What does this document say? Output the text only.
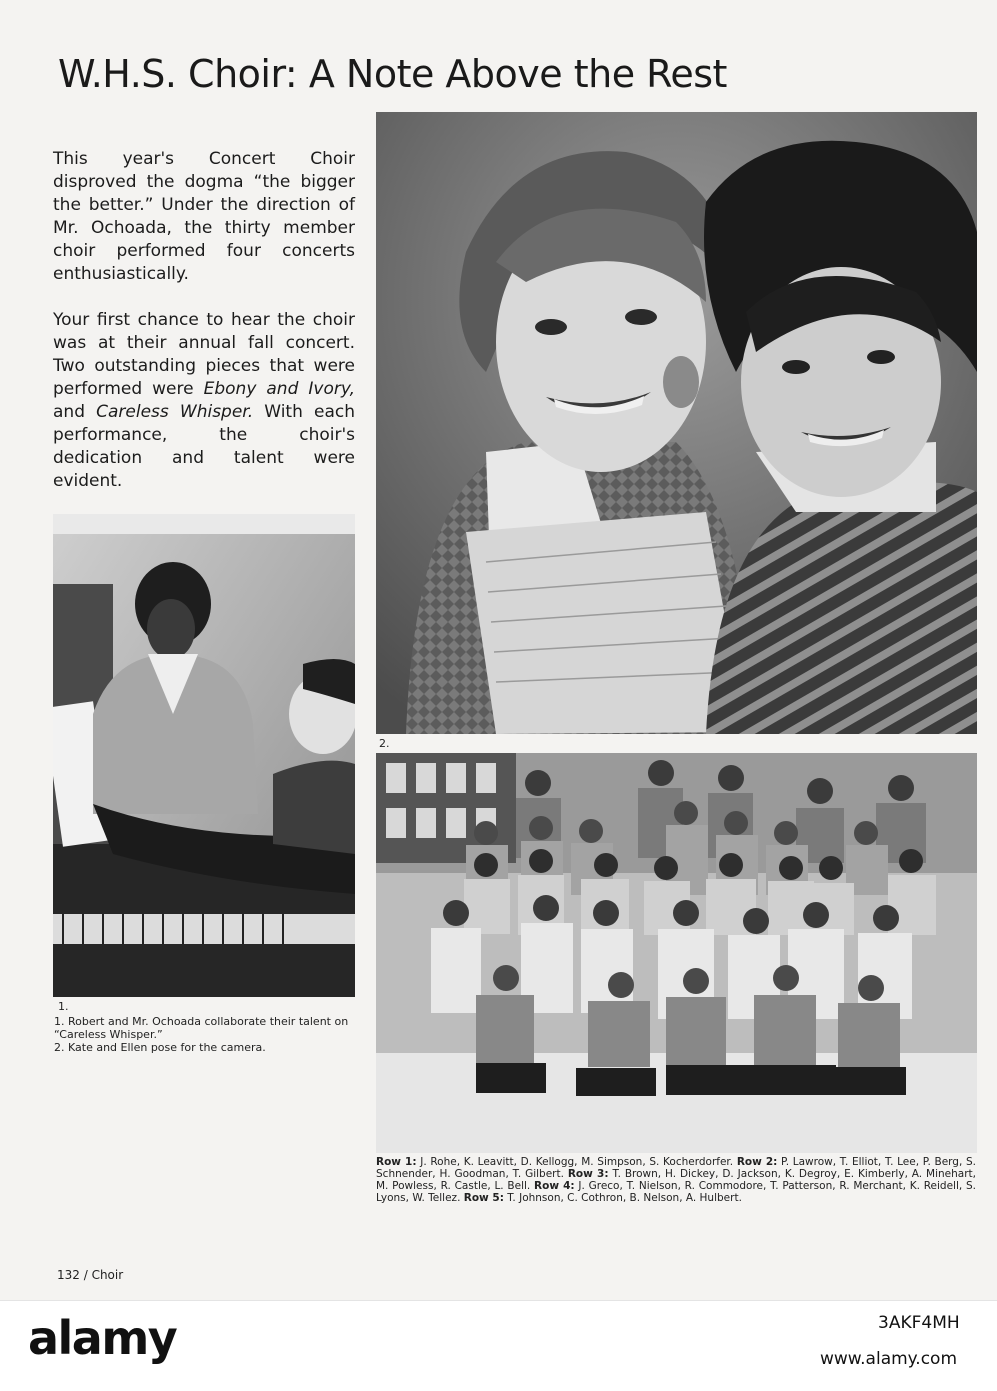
W.H.S. Choir: A Note Above the Rest

This year's Concert Choir disproved the dogma “the bigger the better.” Under the direction of Mr. Ochoada, the thirty member choir performed four concerts enthusiastically.

Your first chance to hear the choir was at their annual fall concert. Two outstanding pieces that were performed were Ebony and Ivory, and Careless Whisper. With each performance, the choir's dedication and talent were evident.

1.
2.
1. Robert and Mr. Ochoada collaborate their talent on “Careless Whisper.”
2. Kate and Ellen pose for the camera.
Row 1: J. Rohe, K. Leavitt, D. Kellogg, M. Simpson, S. Kocherdorfer. Row 2: P. Lawrow, T. Elliot, T. Lee, P. Berg, S. Schnender, H. Goodman, T. Gilbert. Row 3: T. Brown, H. Dickey, D. Jackson, K. Degroy, E. Kimberly, A. Minehart, M. Powless, R. Castle, L. Bell. Row 4: J. Greco, T. Nielson, R. Commodore, T. Patterson, R. Merchant, K. Reidell, S. Lyons, W. Tellez. Row 5: T. Johnson, C. Cothron, B. Nelson, A. Hulbert.
132 / Choir
alamy	3AKF4MH
www.alamy.com
